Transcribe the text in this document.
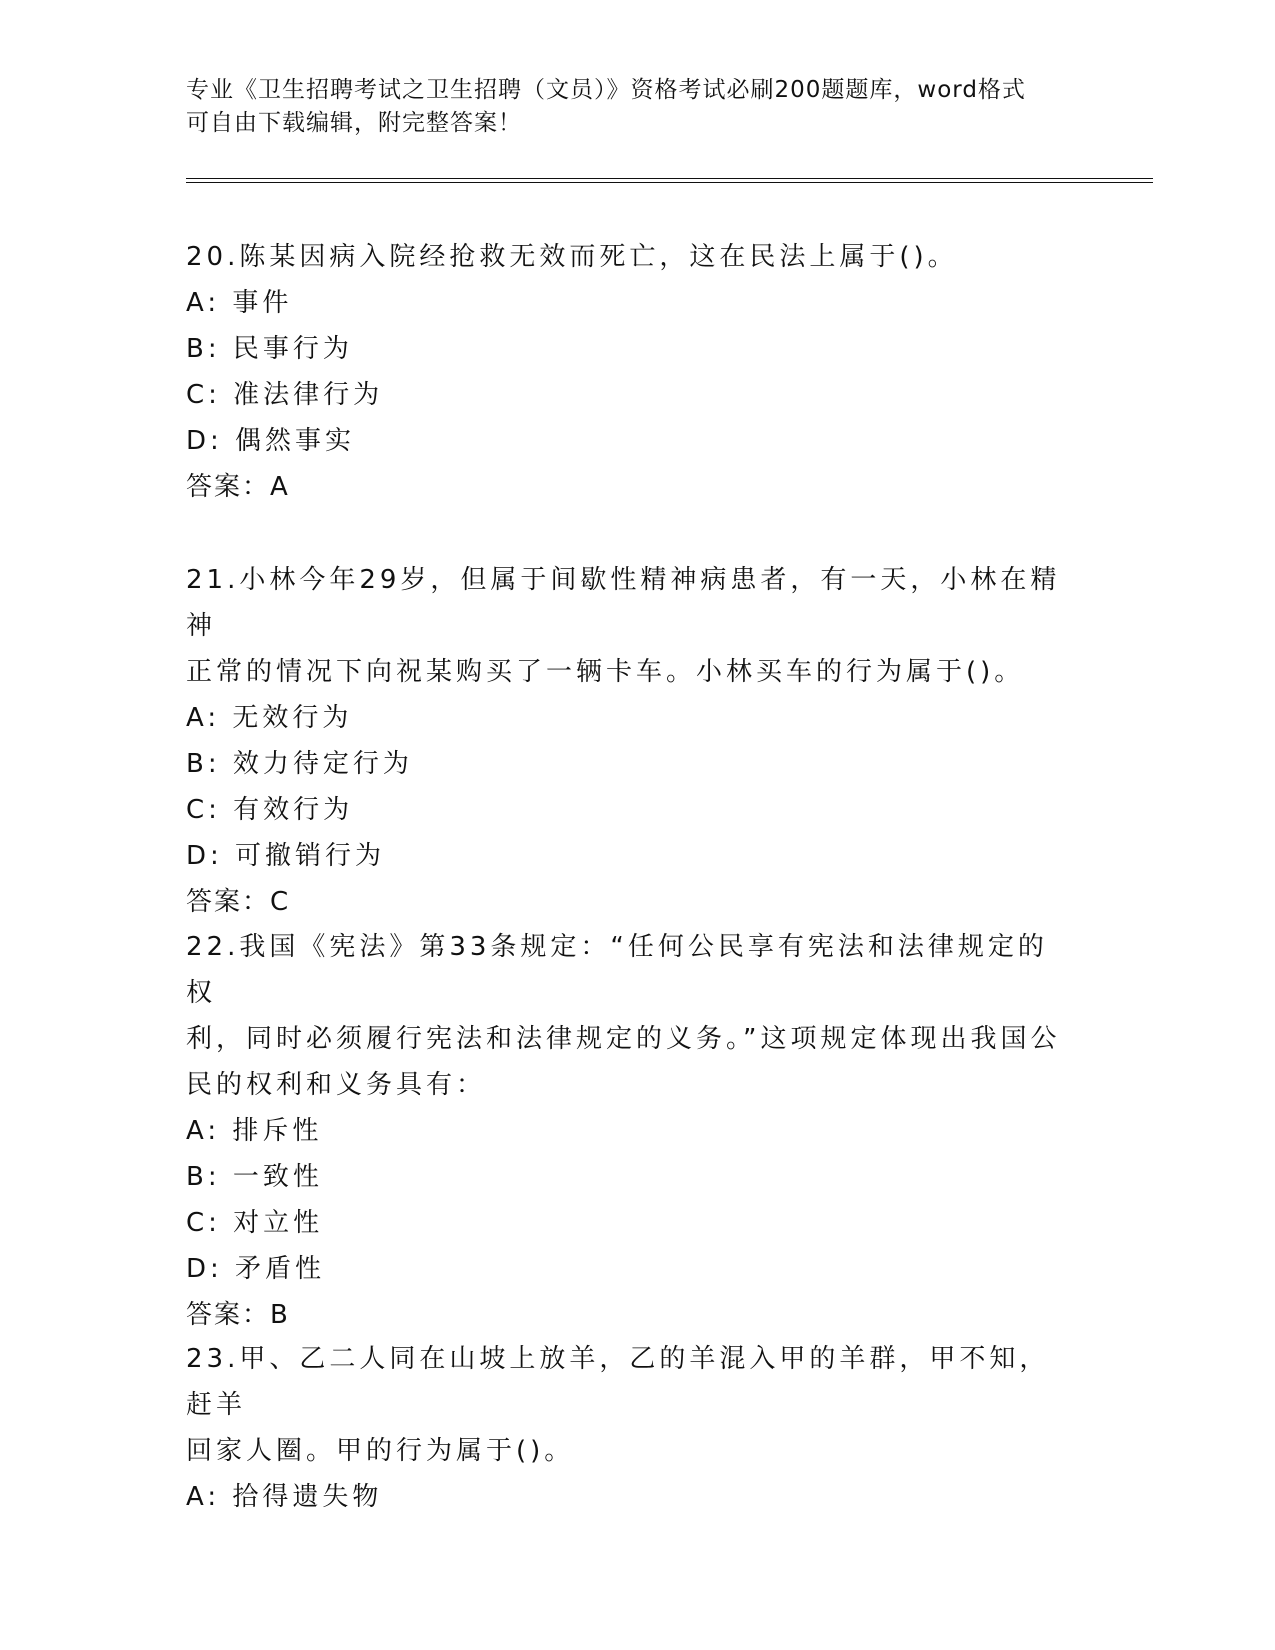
专业《卫生招聘考试之卫生招聘（文员）》资格考试必刷200题题库，word格式
可自由下载编辑，附完整答案！

20.陈某因病入院经抢救无效而死亡，这在民法上属于()。

A: 事件

B: 民事行为

C: 准法律行为

D: 偶然事实

答案：A

21.小林今年29岁，但属于间歇性精神病患者，有一天，小林在精神

正常的情况下向祝某购买了一辆卡车。小林买车的行为属于()。

A: 无效行为

B: 效力待定行为

C: 有效行为

D: 可撤销行为

答案：C

22.我国《宪法》第33条规定：“任何公民享有宪法和法律规定的权

利，同时必须履行宪法和法律规定的义务。”这项规定体现出我国公

民的权利和义务具有：

A: 排斥性

B: 一致性

C: 对立性

D: 矛盾性

答案：B

23.甲、乙二人同在山坡上放羊，乙的羊混入甲的羊群，甲不知，赶羊

回家人圈。甲的行为属于()。

A: 拾得遗失物
